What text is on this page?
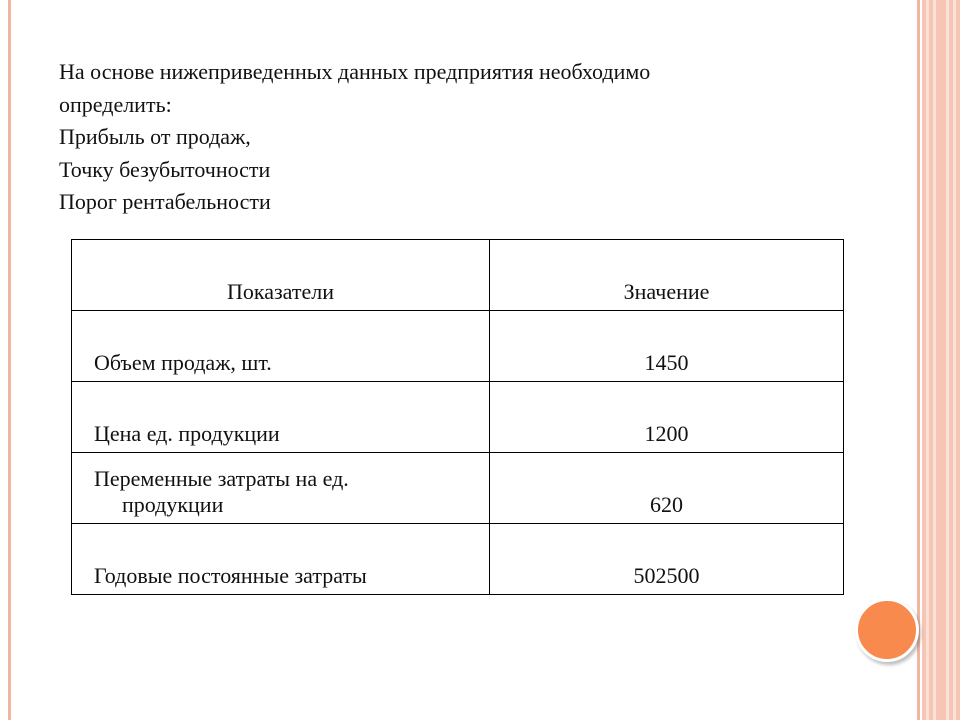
На основе нижеприведенных данных предприятия необходимо

определить:

Прибыль от продаж,

Точку безубыточности

Порог рентабельности

Показатели	Значение
Объем продаж, шт.	1450
Цена ед. продукции	1200
Переменные затраты на ед.
продукции	620
Годовые постоянные затраты	502500
